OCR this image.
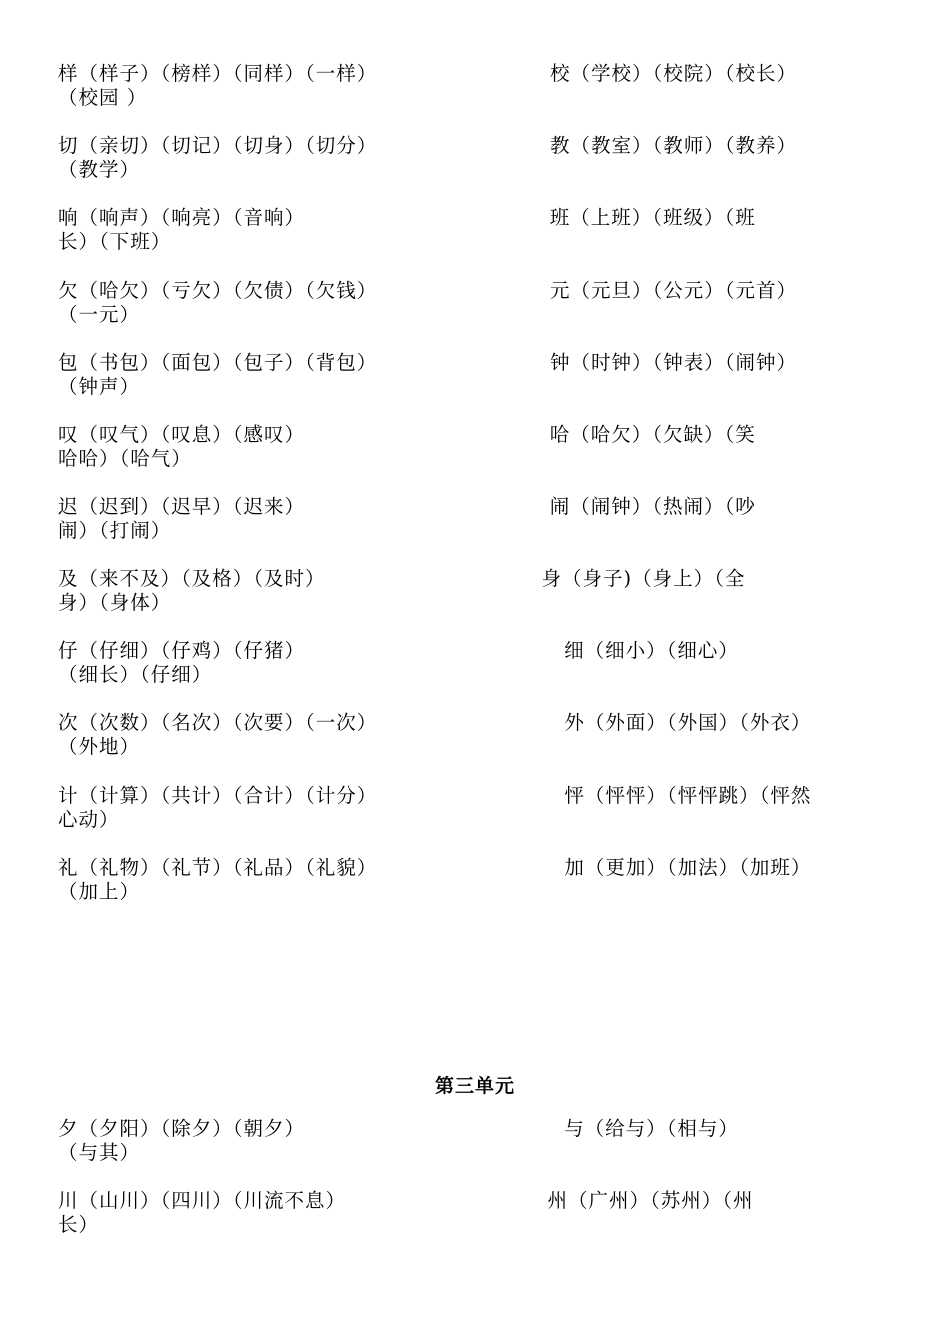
样（样子）（榜样）（同样）（一样）                        校（学校）（校院）（校长）
（校园 ）

切（亲切）（切记）（切身）（切分）                        教（教室）（教师）（教养）
（教学）

响（响声）（响亮）（音响）                                  班（上班）（班级）（班
长）（下班）

欠（哈欠）（亏欠）（欠债）（欠钱）                        元（元旦）（公元）（元首）
（一元）

包（书包）（面包）（包子）（背包）                        钟（时钟）（钟表）（闹钟）
（钟声）

叹（叹气）（叹息）（感叹）                                  哈（哈欠）（欠缺）（笑
哈哈）（哈气）

迟（迟到）（迟早）（迟来）                                  闹（闹钟）（热闹）（吵
闹）（打闹）

及（来不及）（及格）（及时）                              身（身子)（身上）（全
身）（身体）

仔（仔细）（仔鸡）（仔猪）                                    细（细小）（细心）
（细长）（仔细）

次（次数）（名次）（次要）（一次）                          外（外面）（外国）（外衣）
（外地）

计（计算）（共计）（合计）（计分）                          怦（怦怦）（怦怦跳）（怦然
心动）

礼（礼物）（礼节）（礼品）（礼貌）                          加（更加）（加法）（加班）
（加上）

第三单元

夕（夕阳）（除夕）（朝夕）                                    与（给与）（相与）
（与其）

川（山川）（四川）（川流不息）                            州（广州）（苏州）（州
长）
